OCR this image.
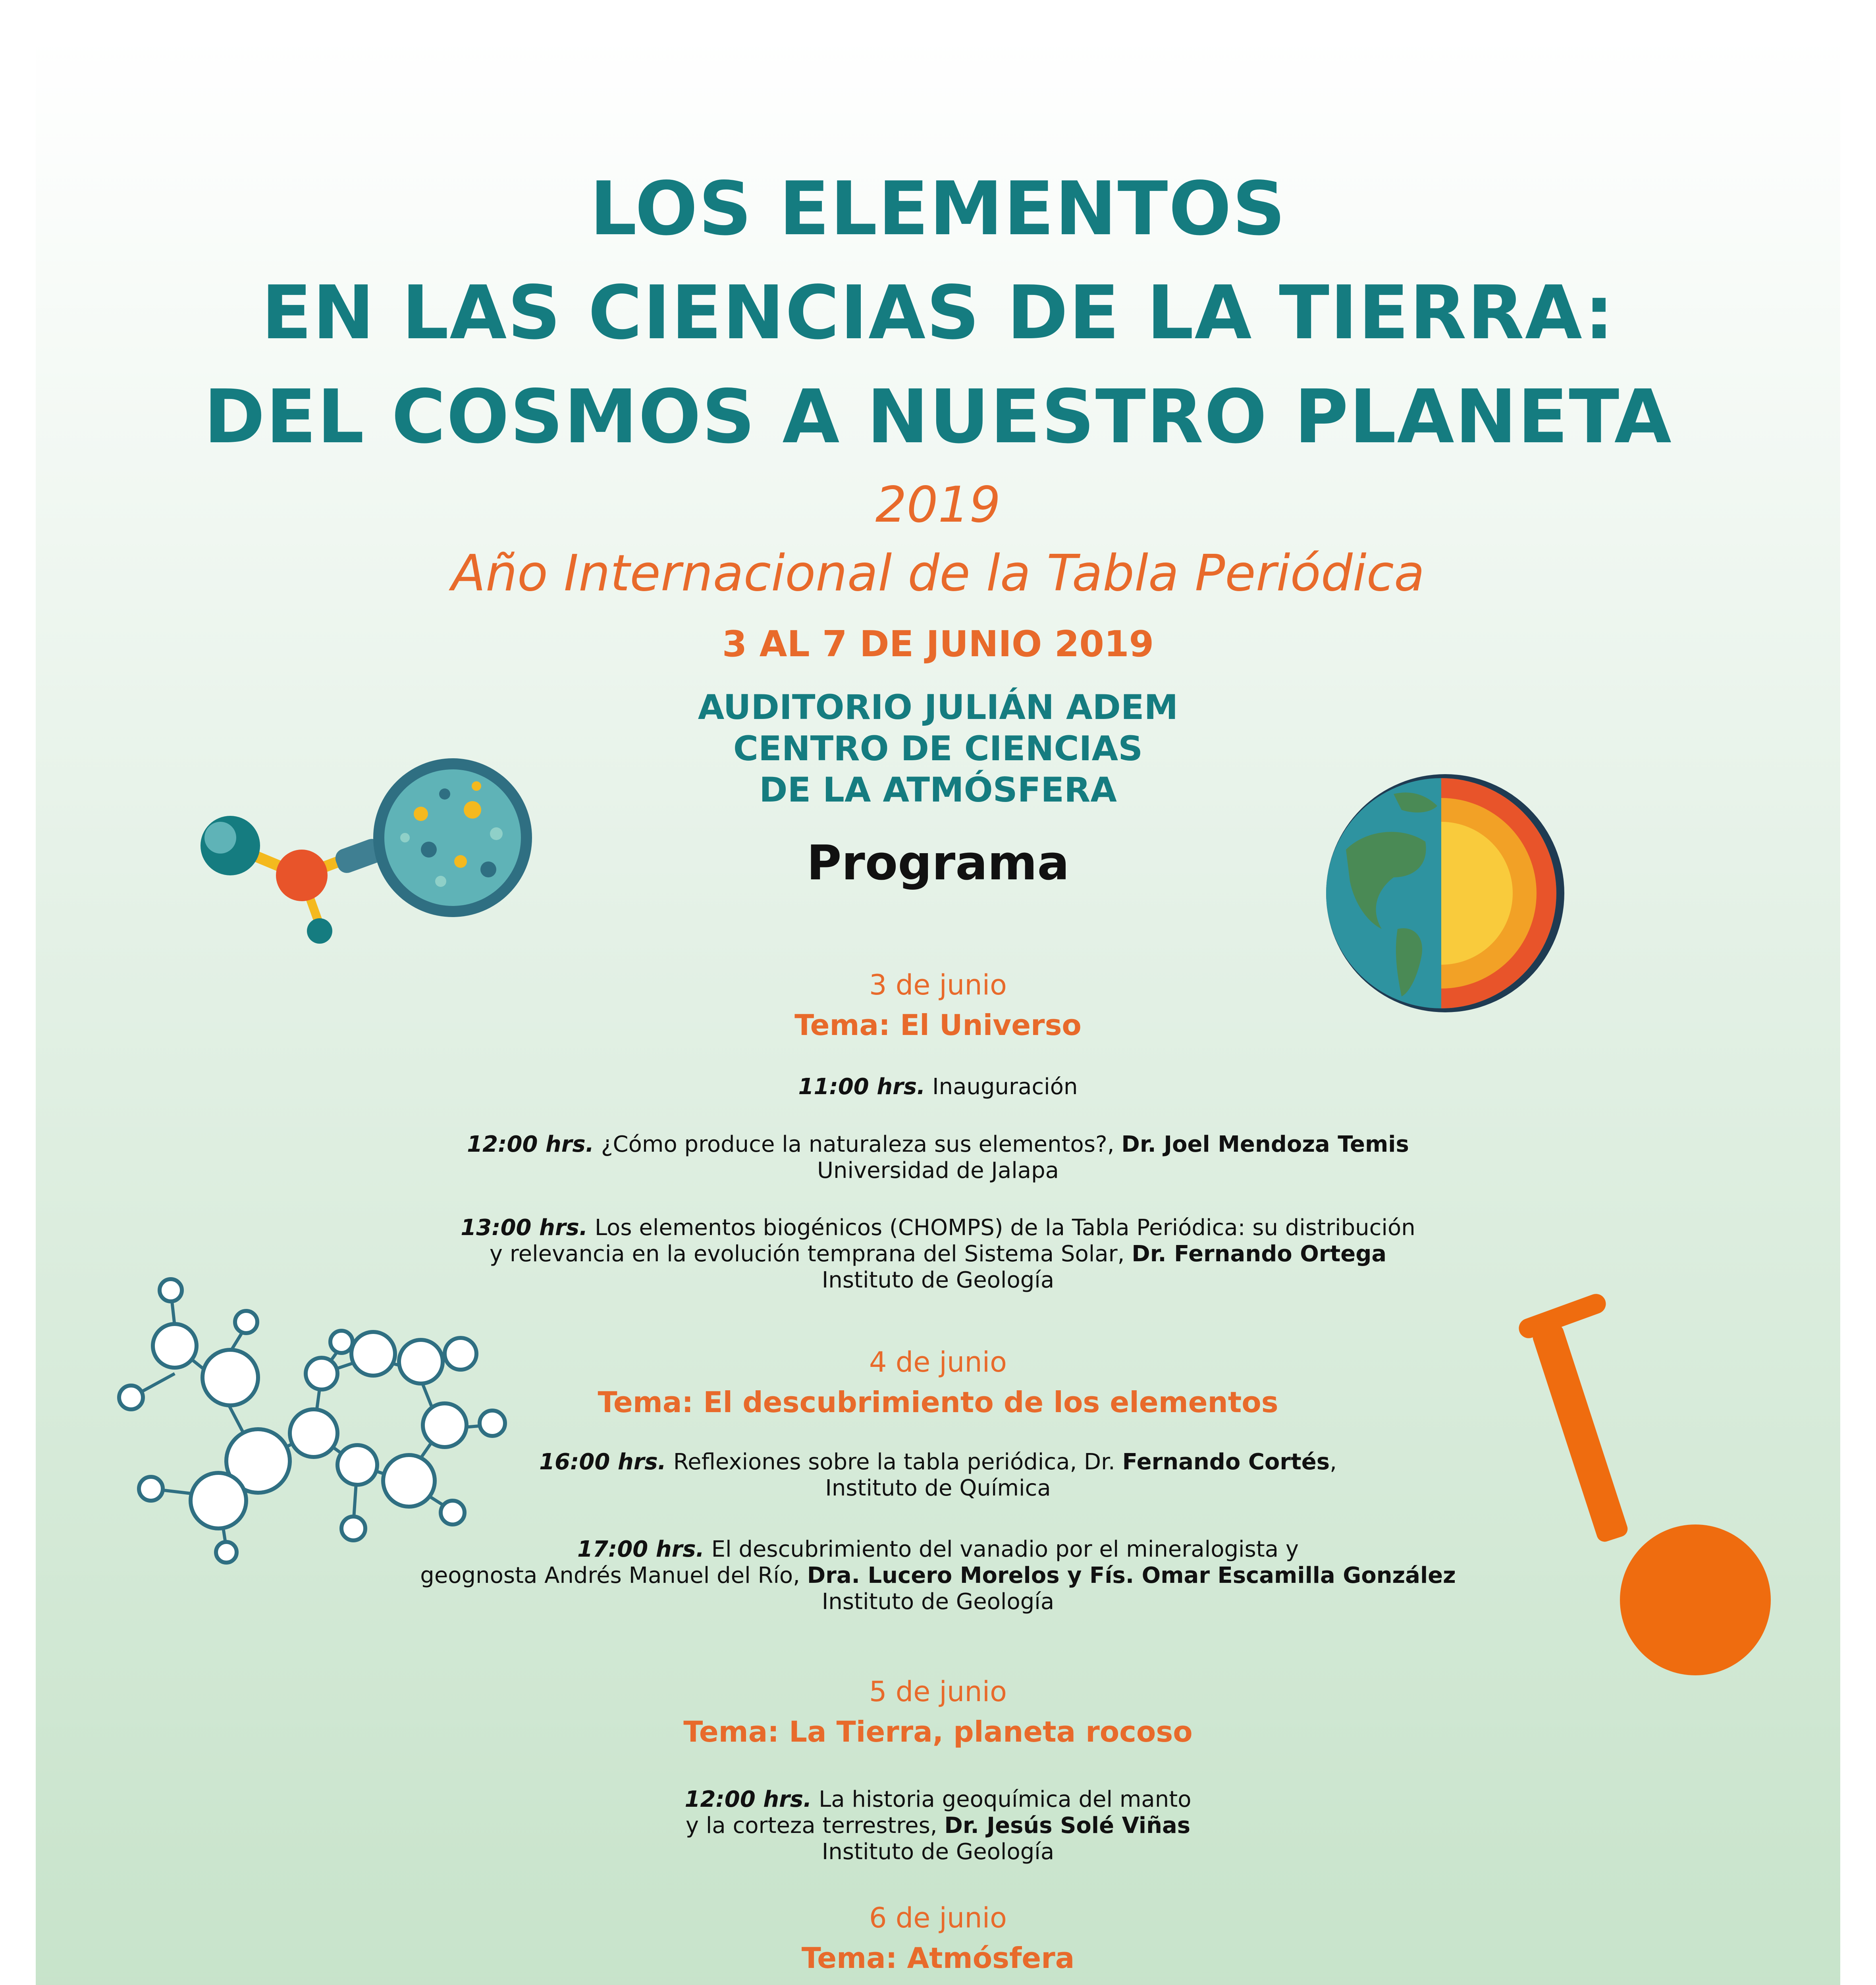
LOS ELEMENTOS
EN LAS CIENCIAS DE LA TIERRA:
DEL COSMOS A NUESTRO PLANETA
2019
Año Internacional de la Tabla Periódica
3 AL 7 DE JUNIO 2019
AUDITORIO JULIÁN ADEM
CENTRO DE CIENCIAS
DE LA ATMÓSFERA
Programa
3 de junio
Tema: El Universo
11:00 hrs. Inauguración
12:00 hrs. ¿Cómo produce la naturaleza sus elementos?, Dr. Joel Mendoza Temis
Universidad de Jalapa
13:00 hrs. Los elementos biogénicos (CHOMPS) de la Tabla Periódica: su distribución
y relevancia en la evolución temprana del Sistema Solar, Dr. Fernando Ortega
Instituto de Geología
4 de junio
Tema: El descubrimiento de los elementos
16:00 hrs. Reflexiones sobre la tabla periódica, Dr. Fernando Cortés,
Instituto de Química
17:00 hrs. El descubrimiento del vanadio por el mineralogista y
geognosta Andrés Manuel del Río, Dra. Lucero Morelos y Fís. Omar Escamilla González
Instituto de Geología
5 de junio
Tema: La Tierra, planeta rocoso
12:00 hrs. La historia geoquímica del manto
y la corteza terrestres, Dr. Jesús Solé Viñas
Instituto de Geología
6 de junio
Tema: Atmósfera
